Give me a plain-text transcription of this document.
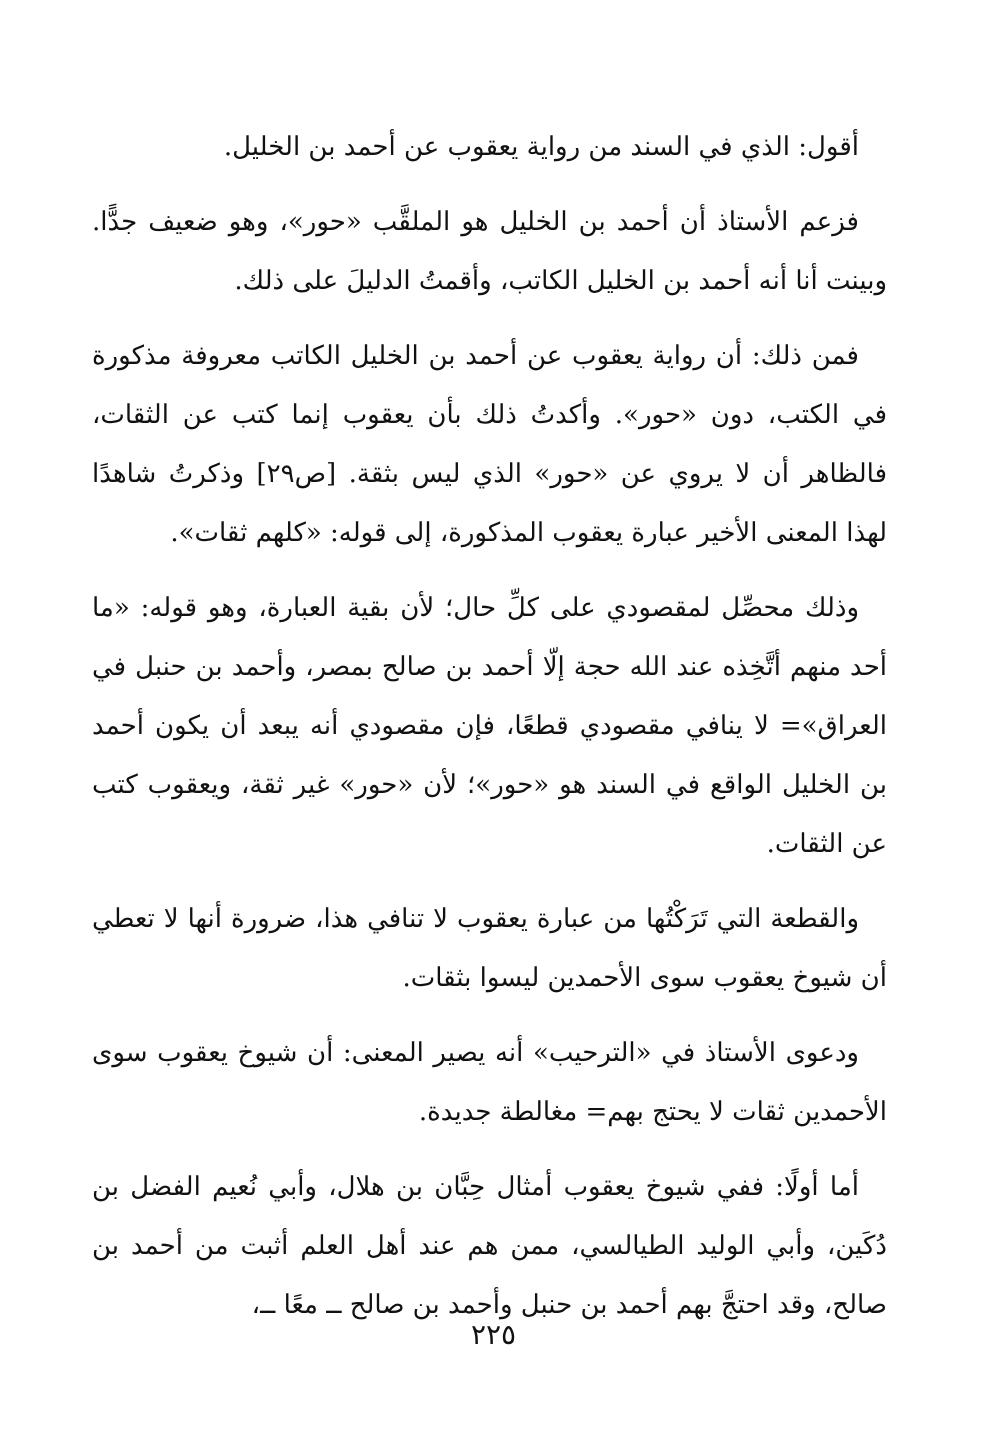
أقول: الذي في السند من رواية يعقوب عن أحمد بن الخليل.

فزعم الأستاذ أن أحمد بن الخليل هو الملقَّب «حور»، وهو ضعيف جدًّا. وبينت أنا أنه أحمد بن الخليل الكاتب، وأقمتُ الدليلَ على ذلك.

فمن ذلك: أن رواية يعقوب عن أحمد بن الخليل الكاتب معروفة مذكورة في الكتب، دون «حور». وأكدتُ ذلك بأن يعقوب إنما كتب عن الثقات، فالظاهر أن لا يروي عن «حور» الذي ليس بثقة. [ص٢٩] وذكرتُ شاهدًا لهذا المعنى الأخير عبارة يعقوب المذكورة، إلى قوله: «كلهم ثقات».

وذلك محصِّل لمقصودي على كلِّ حال؛ لأن بقية العبارة، وهو قوله: «ما أحد منهم أتَّخِذه عند الله حجة إلّا أحمد بن صالح بمصر، وأحمد بن حنبل في العراق»= لا ينافي مقصودي قطعًا، فإن مقصودي أنه يبعد أن يكون أحمد بن الخليل الواقع في السند هو «حور»؛ لأن «حور» غير ثقة، ويعقوب كتب عن الثقات.

والقطعة التي تَرَكْتُها من عبارة يعقوب لا تنافي هذا، ضرورة أنها لا تعطي أن شيوخ يعقوب سوى الأحمدين ليسوا بثقات.

ودعوى الأستاذ في «الترحيب» أنه يصير المعنى: أن شيوخ يعقوب سوى الأحمدين ثقات لا يحتج بهم= مغالطة جديدة.

أما أولًا: ففي شيوخ يعقوب أمثال حِبَّان بن هلال، وأبي نُعيم الفضل بن دُكَين، وأبي الوليد الطيالسي، ممن هم عند أهل العلم أثبت من أحمد بن صالح، وقد احتجَّ بهم أحمد بن حنبل وأحمد بن صالح ــ معًا ــ،

٢٢٥
